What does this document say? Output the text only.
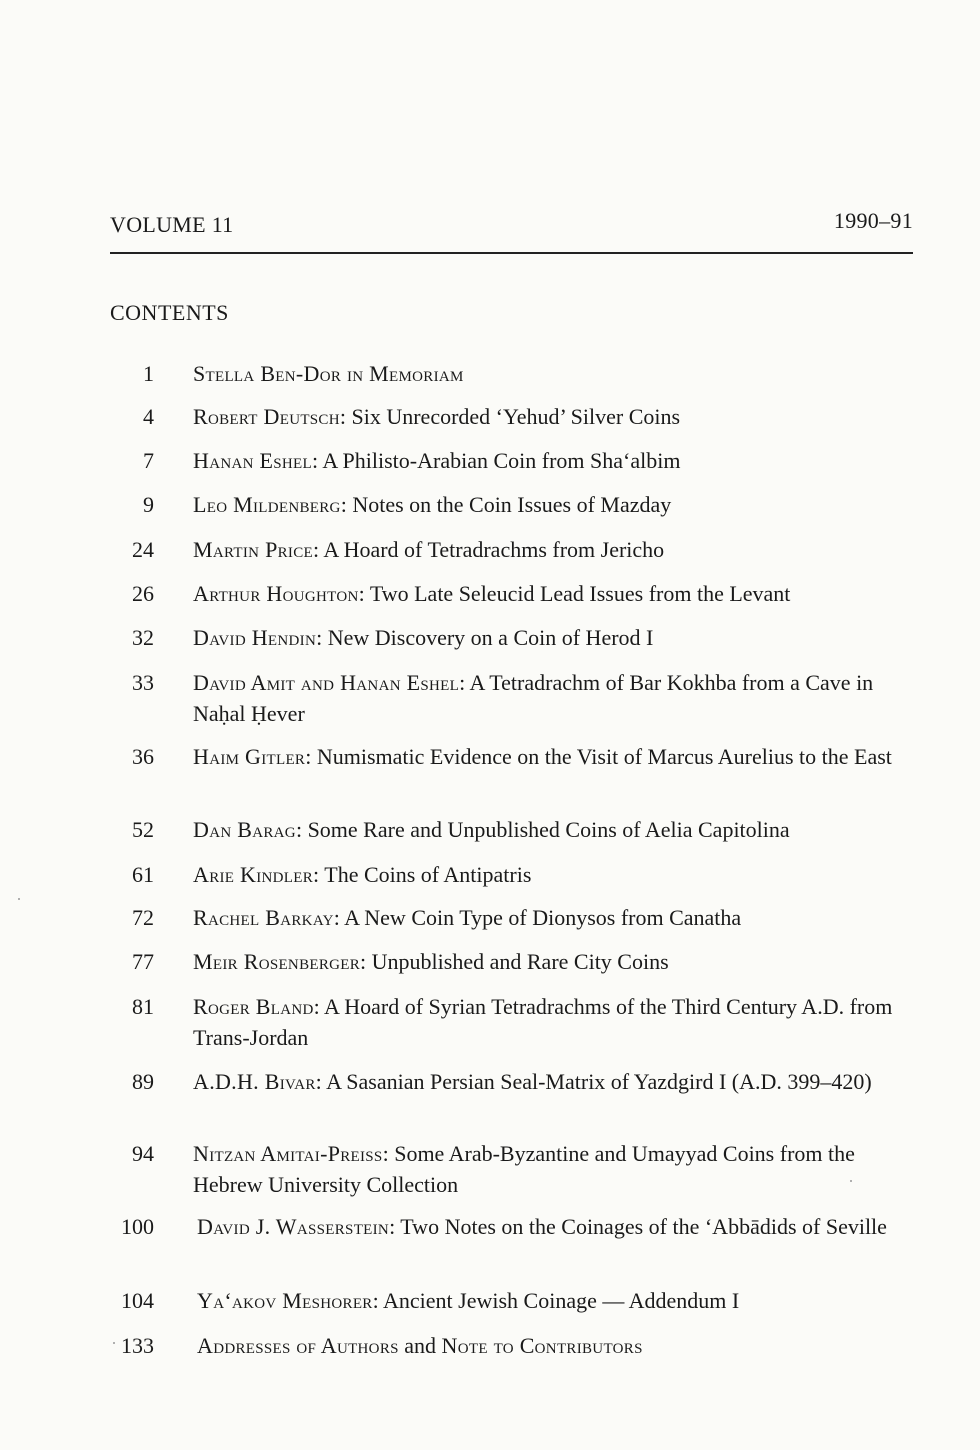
VOLUME 11	1990–91
CONTENTS
1 Stella Ben-Dor in Memoriam
4 Robert Deutsch: Six Unrecorded ‘Yehud’ Silver Coins
7 Hanan Eshel: A Philisto-Arabian Coin from Sha‘albim
9 Leo Mildenberg: Notes on the Coin Issues of Mazday
24 Martin Price: A Hoard of Tetradrachms from Jericho
26 Arthur Houghton: Two Late Seleucid Lead Issues from the Levant
32 David Hendin: New Discovery on a Coin of Herod I
33 David Amit and Hanan Eshel: A Tetradrachm of Bar Kokhba from a Cave in Naḥal Ḥever
36 Haim Gitler: Numismatic Evidence on the Visit of Marcus Aurelius to the East
52 Dan Barag: Some Rare and Unpublished Coins of Aelia Capitolina
61 Arie Kindler: The Coins of Antipatris
72 Rachel Barkay: A New Coin Type of Dionysos from Canatha
77 Meir Rosenberger: Unpublished and Rare City Coins
81 Roger Bland: A Hoard of Syrian Tetradrachms of the Third Century A.D. from Trans-Jordan
89 A.D.H. Bivar: A Sasanian Persian Seal-Matrix of Yazdgird I (A.D. 399–420)
94 Nitzan Amitai-Preiss: Some Arab-Byzantine and Umayyad Coins from the Hebrew University Collection
100 David J. Wasserstein: Two Notes on the Coinages of the ‘Abbādids of Seville
104 Ya‘akov Meshorer: Ancient Jewish Coinage — Addendum I
133 Addresses of Authors and Note to Contributors
